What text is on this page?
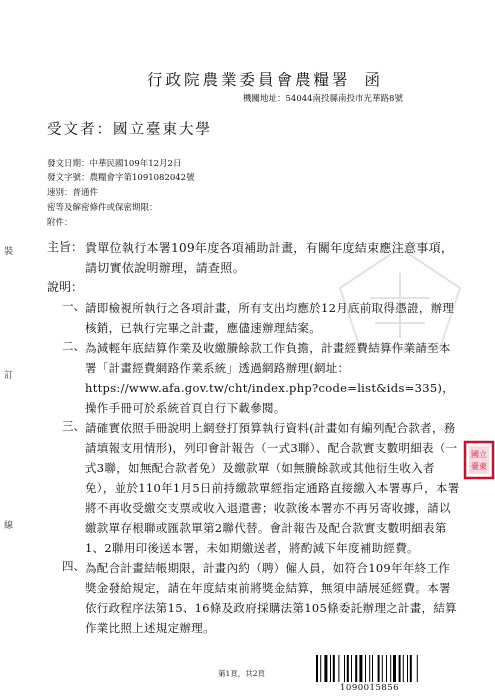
行政院農業委員會農糧署 函
機關地址：54044南投縣南投市光華路8號
受文者：國立臺東大學
發文日期：中華民國109年12月2日
發文字號：農糧會字第1091082042號
速別：普通件
密等及解密條件或保密期限：
附件：
主旨： 貴單位執行本署109年度各項補助計畫，有關年度結束應注意事項，請切實依說明辦理，請查照。
說明：
一、 請即檢視所執行之各項計畫，所有支出均應於12月底前取得憑證，辦理核銷，已執行完畢之計畫，應儘速辦理結案。
二、 為減輕年底結算作業及收繳賸餘款工作負擔，計畫經費結算作業請至本署「計畫經費網路作業系統」透過網路辦理(網址：https://www.afa.gov.tw/cht/index.php?code=list&ids=335)，操作手冊可於系統首頁自行下載參閱。
三、 請確實依照手冊說明上網登打預算執行資料(計畫如有編列配合款者，務請填報支用情形)，列印會計報告（一式3聯）、配合款實支數明細表（一式3聯，如無配合款者免）及繳款單（如無賸餘款或其他衍生收入者免），並於110年1月5日前持繳款單經指定通路直接繳入本署專戶，本署將不再收受繳交支票或收入退還書；收款後本署亦不再另寄收據，請以繳款單存根聯或匯款單第2聯代替。會計報告及配合款實支數明細表第1、2聯用印後送本署，未如期繳送者，將酌減下年度補助經費。
四、 為配合計畫結帳期限，計畫內約（聘）僱人員，如符合109年年終工作獎金發給規定，請在年度結束前將獎金結算，無須申請展延經費。本署依行政程序法第15、16條及政府採購法第105條委託辦理之計畫，結算作業比照上述規定辦理。
裝
訂
線
國立
臺東
第1頁，共2頁
1090015856
